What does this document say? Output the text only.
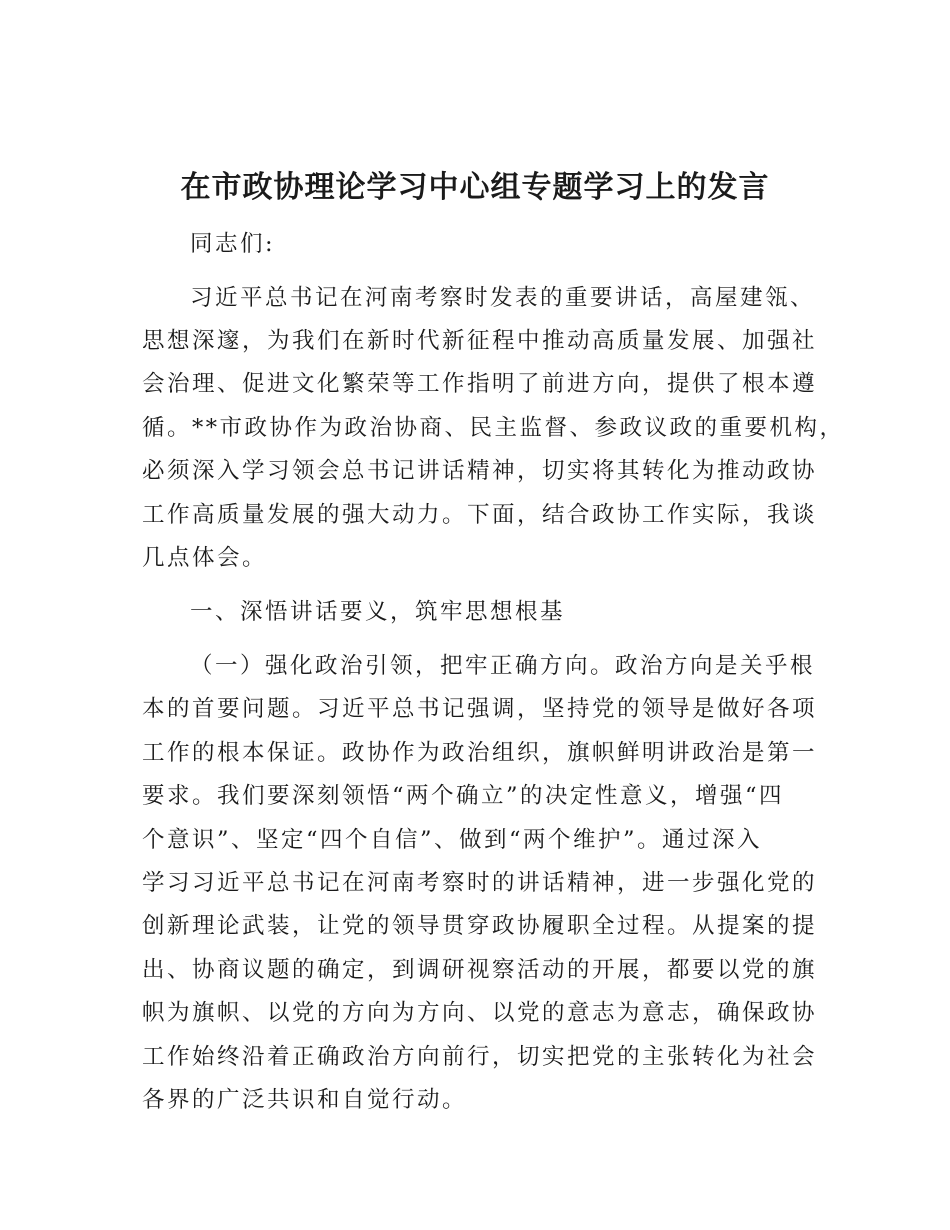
在市政协理论学习中心组专题学习上的发言

同志们:

习近平总书记在河南考察时发表的重要讲话，高屋建瓴、

思想深邃，为我们在新时代新征程中推动高质量发展、加强社

会治理、促进文化繁荣等工作指明了前进方向，提供了根本遵

循。**市政协作为政治协商、民主监督、参政议政的重要机构，

必须深入学习领会总书记讲话精神，切实将其转化为推动政协

工作高质量发展的强大动力。下面，结合政协工作实际，我谈

几点体会。

一、深悟讲话要义，筑牢思想根基

（一）强化政治引领，把牢正确方向。政治方向是关乎根

本的首要问题。习近平总书记强调，坚持党的领导是做好各项

工作的根本保证。政协作为政治组织，旗帜鲜明讲政治是第一

要求。我们要深刻领悟“两个确立”的决定性意义，增强“四

个意识”、坚定“四个自信”、做到“两个维护”。通过深入

学习习近平总书记在河南考察时的讲话精神，进一步强化党的

创新理论武装，让党的领导贯穿政协履职全过程。从提案的提

出、协商议题的确定，到调研视察活动的开展，都要以党的旗

帜为旗帜、以党的方向为方向、以党的意志为意志，确保政协

工作始终沿着正确政治方向前行，切实把党的主张转化为社会

各界的广泛共识和自觉行动。
